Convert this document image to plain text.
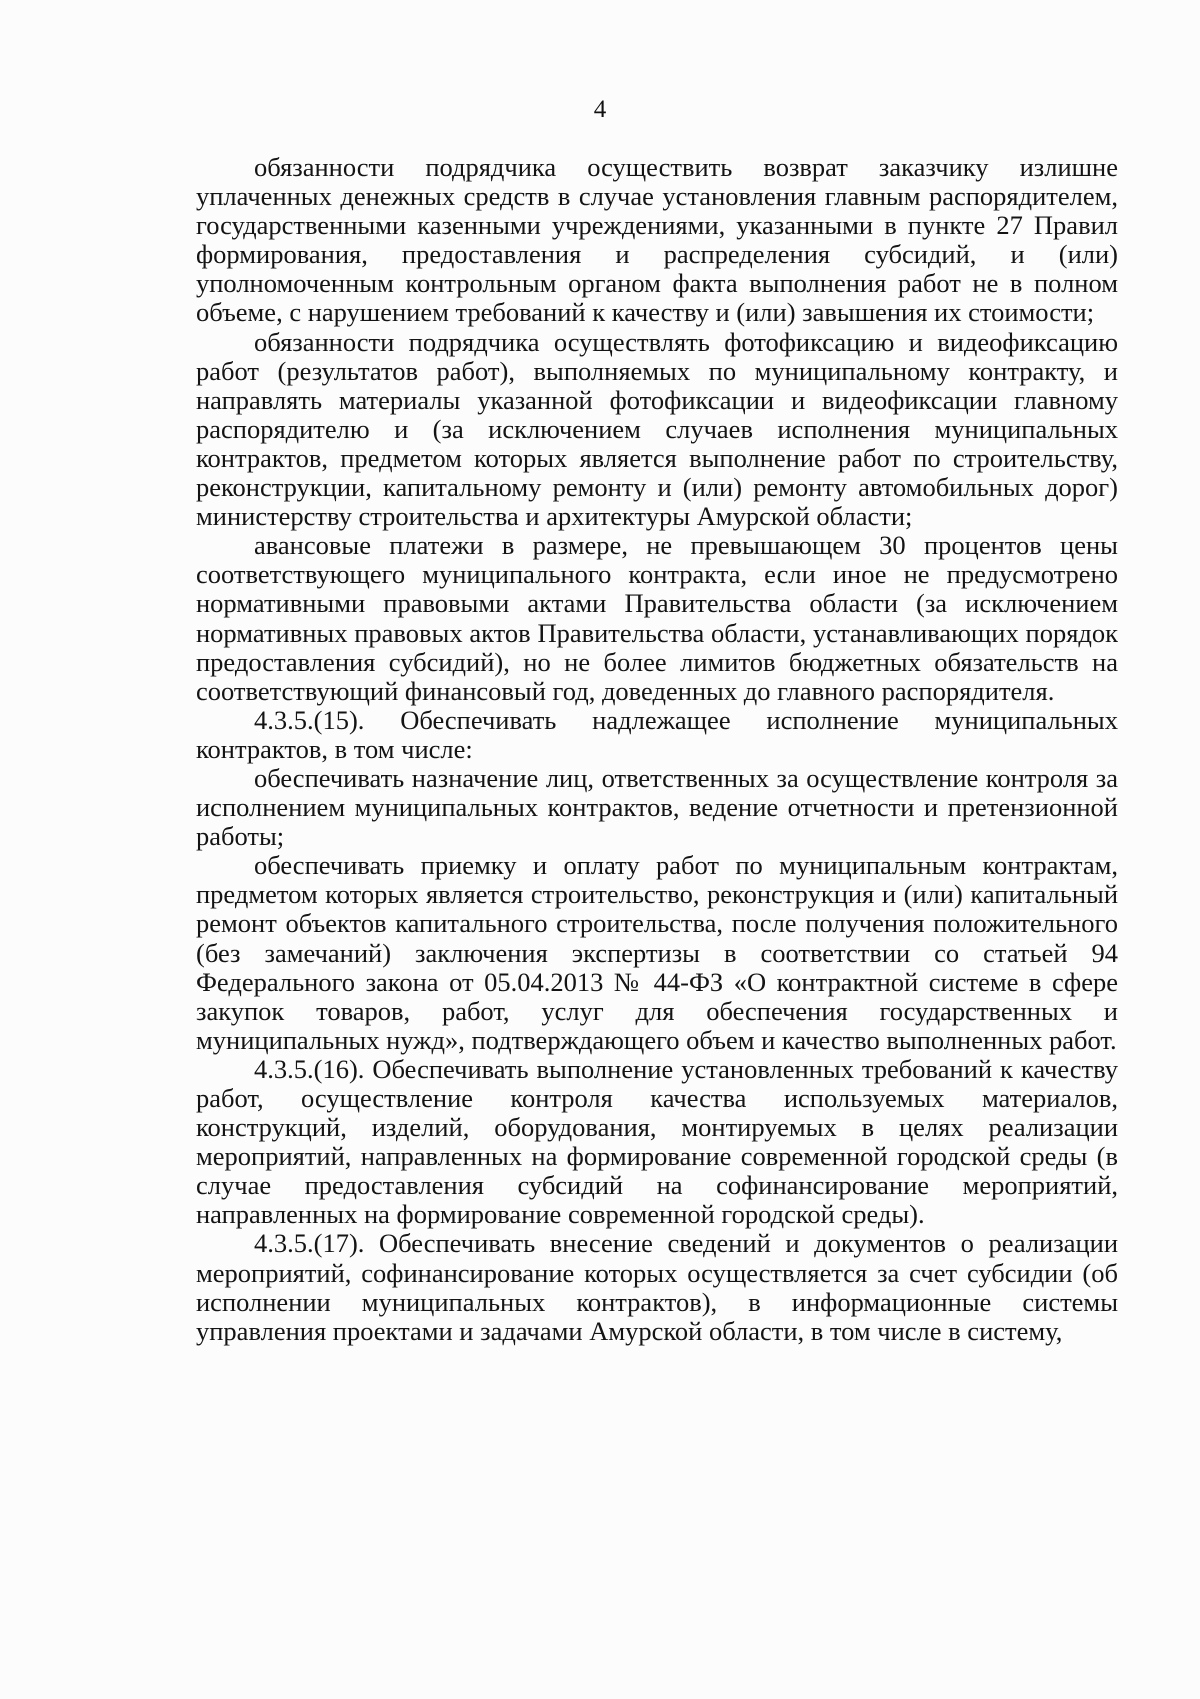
4

обязанности подрядчика осуществить возврат заказчику излишне уплаченных денежных средств в случае установления главным распорядителем, государственными казенными учреждениями, указанными в пункте 27 Правил формирования, предоставления и распределения субсидий, и (или) уполномоченным контрольным органом факта выполнения работ не в полном объеме, с нарушением требований к качеству и (или) завышения их стоимости;

обязанности подрядчика осуществлять фотофиксацию и видеофиксацию работ (результатов работ), выполняемых по муниципальному контракту, и направлять материалы указанной фотофиксации и видеофиксации главному распорядителю и (за исключением случаев исполнения муниципальных контрактов, предметом которых является выполнение работ по строительству, реконструкции, капитальному ремонту и (или) ремонту автомобильных дорог) министерству строительства и архитектуры Амурской области;

авансовые платежи в размере, не превышающем 30 процентов цены соответствующего муниципального контракта, если иное не предусмотрено нормативными правовыми актами Правительства области (за исключением нормативных правовых актов Правительства области, устанавливающих порядок предоставления субсидий), но не более лимитов бюджетных обязательств на соответствующий финансовый год, доведенных до главного распорядителя.

4.3.5.(15). Обеспечивать надлежащее исполнение муниципальных контрактов, в том числе:

обеспечивать назначение лиц, ответственных за осуществление контроля за исполнением муниципальных контрактов, ведение отчетности и претензионной работы;

обеспечивать приемку и оплату работ по муниципальным контрактам, предметом которых является строительство, реконструкция и (или) капитальный ремонт объектов капитального строительства, после получения положительного (без замечаний) заключения экспертизы в соответствии со статьей 94 Федерального закона от 05.04.2013 № 44-ФЗ «О контрактной системе в сфере закупок товаров, работ, услуг для обеспечения государственных и муниципальных нужд», подтверждающего объем и качество выполненных работ.

4.3.5.(16). Обеспечивать выполнение установленных требований к качеству работ, осуществление контроля качества используемых материалов, конструкций, изделий, оборудования, монтируемых в целях реализации мероприятий, направленных на формирование современной городской среды (в случае предоставления субсидий на софинансирование мероприятий, направленных на формирование современной городской среды).

4.3.5.(17). Обеспечивать внесение сведений и документов о реализации мероприятий, софинансирование которых осуществляется за счет субсидии (об исполнении муниципальных контрактов), в информационные системы управления проектами и задачами Амурской области, в том числе в систему,
